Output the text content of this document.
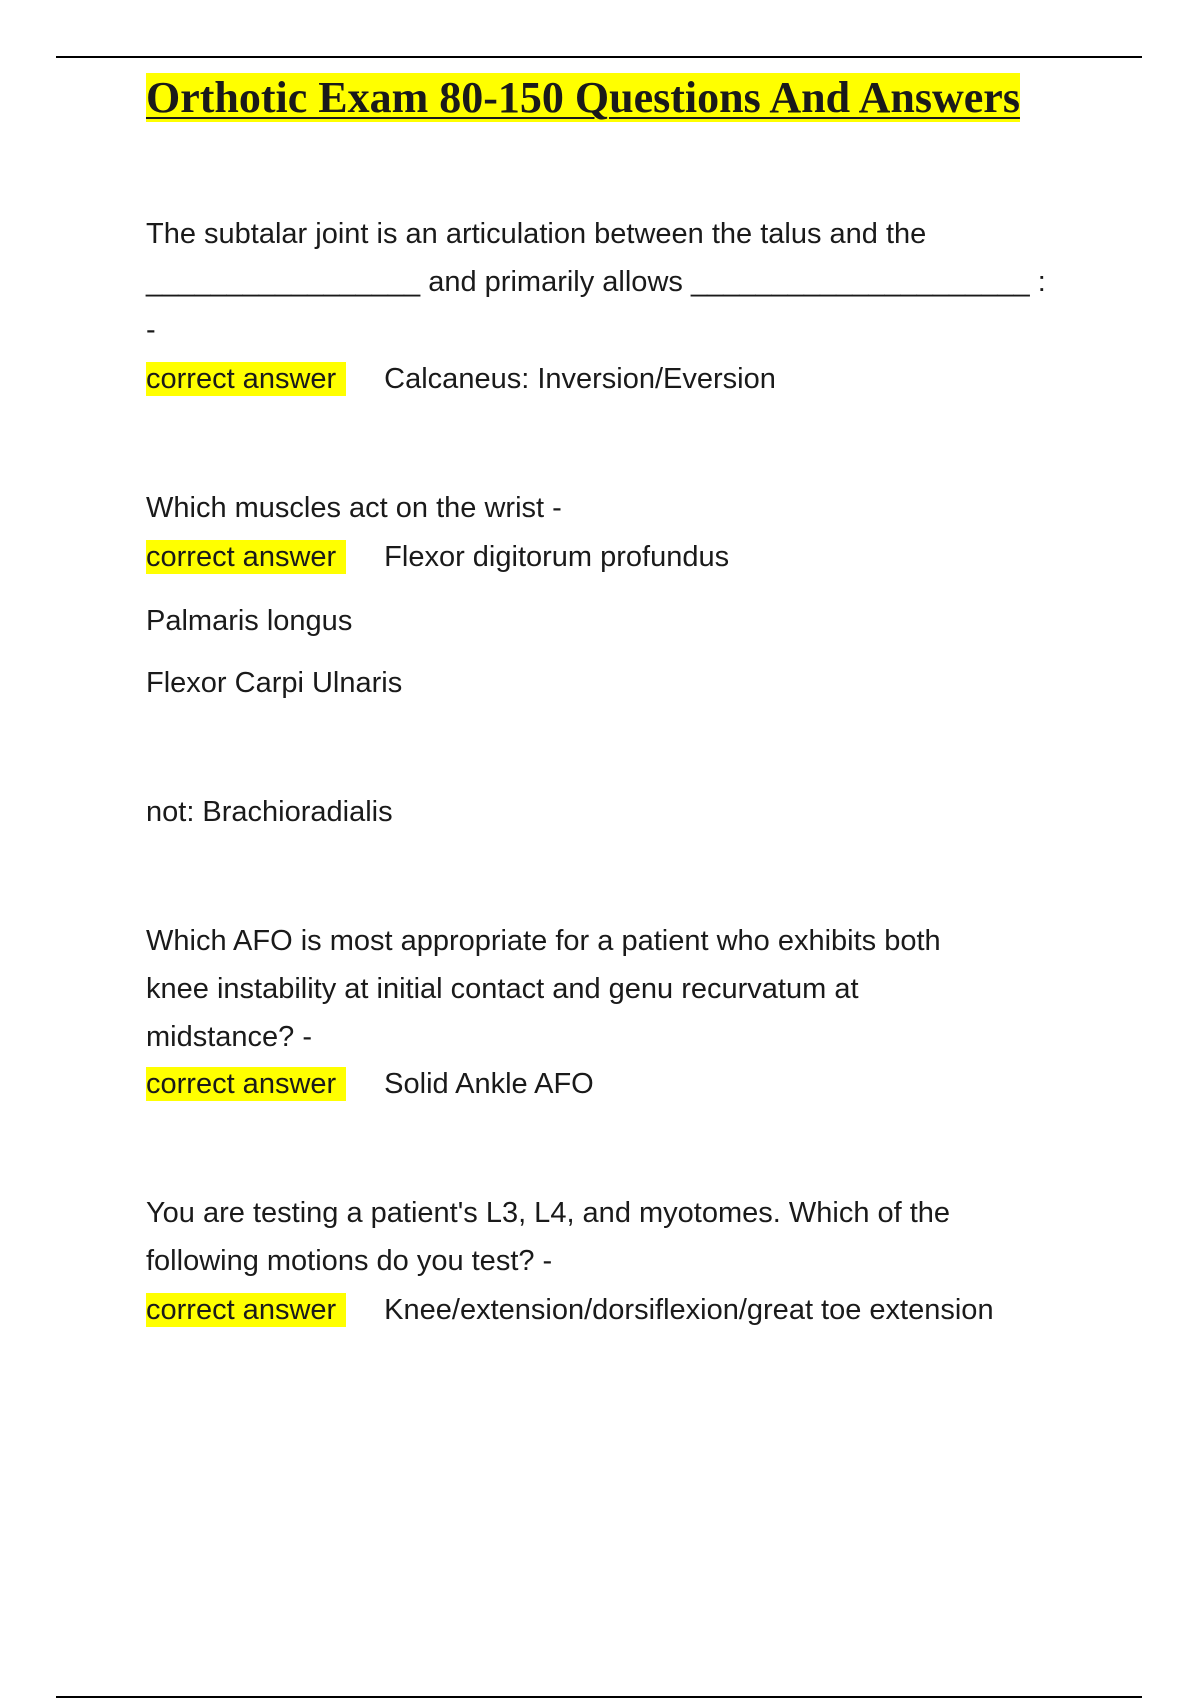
Orthotic Exam 80-150 Questions And Answers

The subtalar joint is an articulation between the talus and the

_________________ and primarily allows _____________________ :

-

correct answer Calcaneus: Inversion/Eversion

Which muscles act on the wrist -

correct answer Flexor digitorum profundus

Palmaris longus

Flexor Carpi Ulnaris

not: Brachioradialis

Which AFO is most appropriate for a patient who exhibits both

knee instability at initial contact and genu recurvatum at

midstance? -

correct answer Solid Ankle AFO

You are testing a patient's L3, L4, and myotomes. Which of the

following motions do you test? -

correct answer Knee/extension/dorsiflexion/great toe extension
